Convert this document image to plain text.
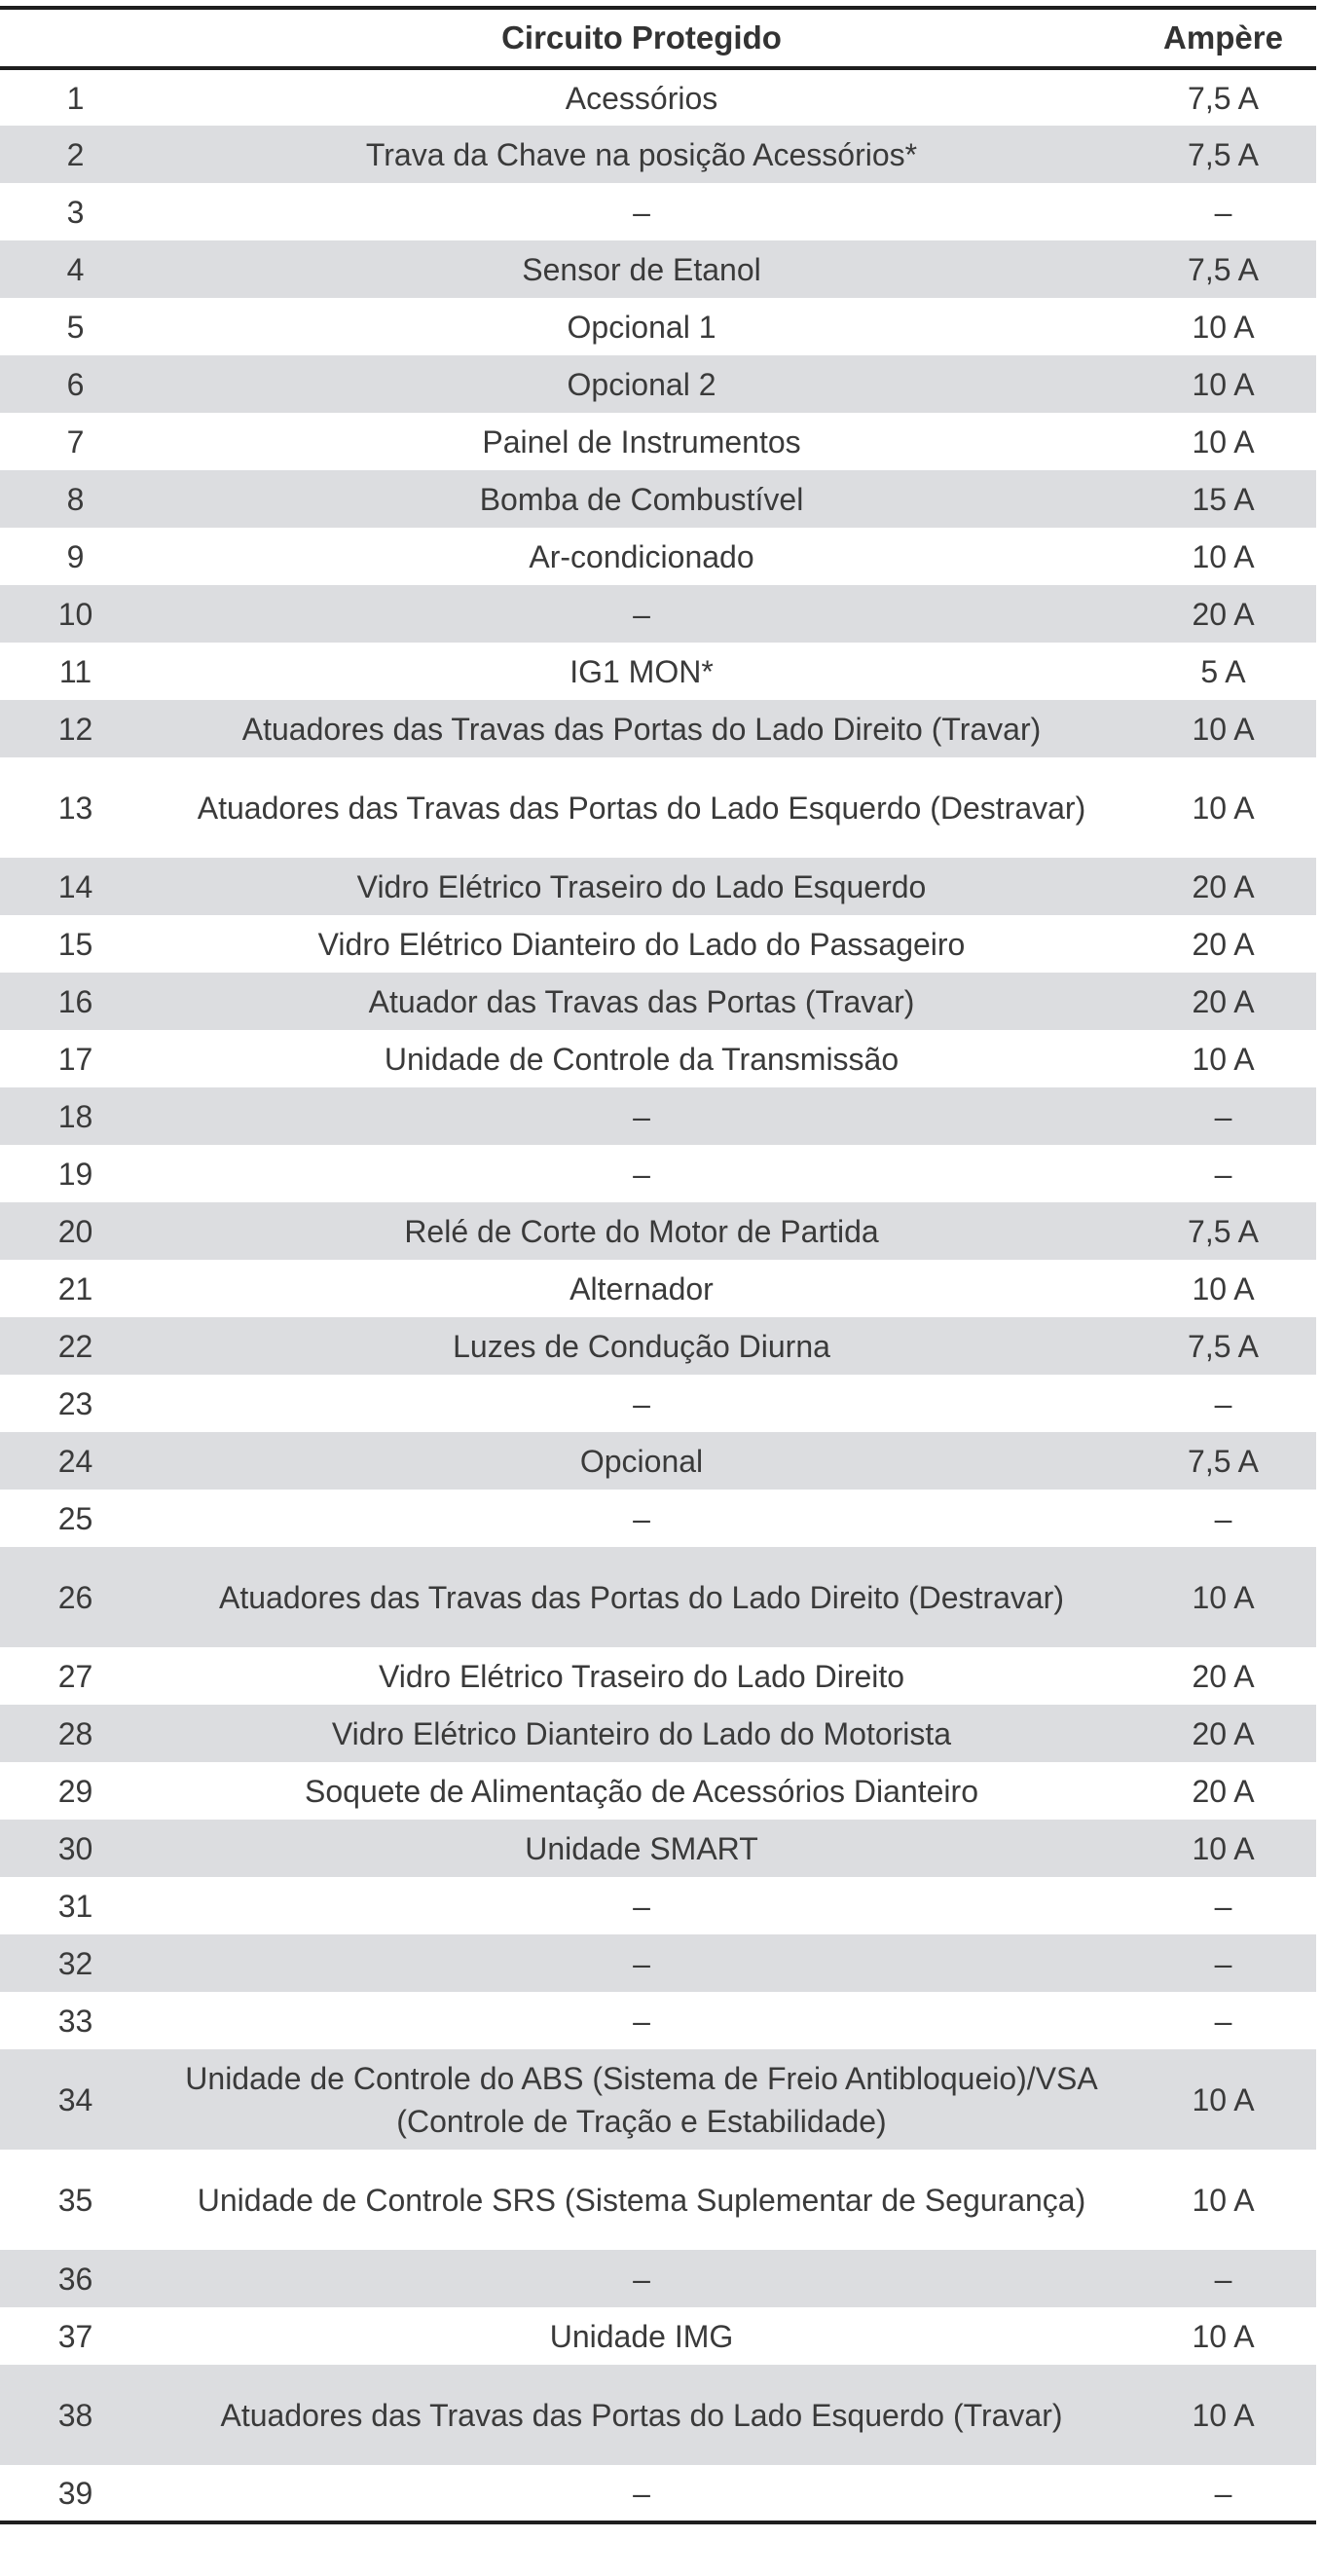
	Circuito Protegido	Ampère
1	Acessórios	7,5 A
2	Trava da Chave na posição Acessórios*	7,5 A
3	–	–
4	Sensor de Etanol	7,5 A
5	Opcional 1	10 A
6	Opcional 2	10 A
7	Painel de Instrumentos	10 A
8	Bomba de Combustível	15 A
9	Ar-condicionado	10 A
10	–	20 A
11	IG1 MON*	5 A
12	Atuadores das Travas das Portas do Lado Direito (Travar)	10 A
13	Atuadores das Travas das Portas do Lado Esquerdo (Destravar)	10 A
14	Vidro Elétrico Traseiro do Lado Esquerdo	20 A
15	Vidro Elétrico Dianteiro do Lado do Passageiro	20 A
16	Atuador das Travas das Portas (Travar)	20 A
17	Unidade de Controle da Transmissão	10 A
18	–	–
19	–	–
20	Relé de Corte do Motor de Partida	7,5 A
21	Alternador	10 A
22	Luzes de Condução Diurna	7,5 A
23	–	–
24	Opcional	7,5 A
25	–	–
26	Atuadores das Travas das Portas do Lado Direito (Destravar)	10 A
27	Vidro Elétrico Traseiro do Lado Direito	20 A
28	Vidro Elétrico Dianteiro do Lado do Motorista	20 A
29	Soquete de Alimentação de Acessórios Dianteiro	20 A
30	Unidade SMART	10 A
31	–	–
32	–	–
33	–	–
34	Unidade de Controle do ABS (Sistema de Freio Antibloqueio)/VSA (Controle de Tração e Estabilidade)	10 A
35	Unidade de Controle SRS (Sistema Suplementar de Segurança)	10 A
36	–	–
37	Unidade IMG	10 A
38	Atuadores das Travas das Portas do Lado Esquerdo (Travar)	10 A
39	–	–
